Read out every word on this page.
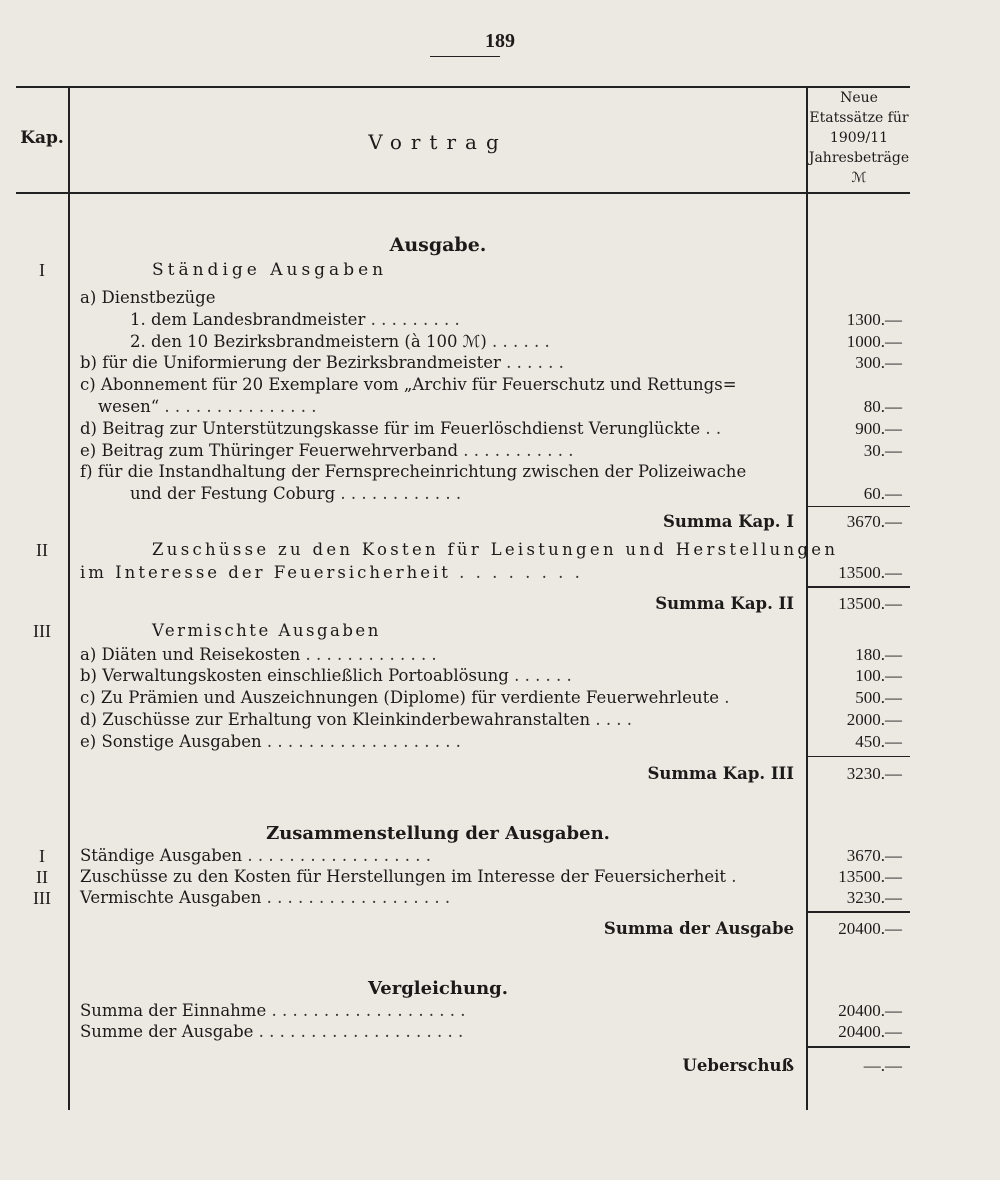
189
Kap.	Vortrag
Neue
Etatssätze für
1909/11
Jahresbeträge
ℳ
Ausgabe.
I	Ständige Ausgaben
a) Dienstbezüge
1. dem Landesbrandmeister . . . . . . . . .	1300.—
2. den 10 Bezirksbrandmeistern (à 100 ℳ) . . . . . .	1000.—
b) für die Uniformierung der Bezirksbrandmeister . . . . . .	300.—
c) Abonnement für 20 Exemplare vom „Archiv für Feuerschutz und Rettungs=
wesen“ . . . . . . . . . . . . . . .	80.—
d) Beitrag zur Unterstützungskasse für im Feuerlöschdienst Verunglückte . .	900.—
e) Beitrag zum Thüringer Feuerwehrverband . . . . . . . . . . .	30.—
f) für die Instandhaltung der Fernsprecheinrichtung zwischen der Polizeiwache
und der Festung Coburg . . . . . . . . . . . .	60.—
Summa Kap. I	3670.—
II	Zuschüsse zu den Kosten für Leistungen und Herstellungen
im Interesse der Feuersicherheit . . . . . . . .	13500.—
Summa Kap. II	13500.—
III	Vermischte Ausgaben
a) Diäten und Reisekosten . . . . . . . . . . . . .	180.—
b) Verwaltungskosten einschließlich Portoablösung . . . . . .	100.—
c) Zu Prämien und Auszeichnungen (Diplome) für verdiente Feuerwehrleute .	500.—
d) Zuschüsse zur Erhaltung von Kleinkinderbewahranstalten . . . .	2000.—
e) Sonstige Ausgaben . . . . . . . . . . . . . . . . . . .	450.—
Summa Kap. III	3230.—
Zusammenstellung der Ausgaben.
I	Ständige Ausgaben . . . . . . . . . . . . . . . . . .	3670.—
II	Zuschüsse zu den Kosten für Herstellungen im Interesse der Feuersicherheit .	13500.—
III	Vermischte Ausgaben . . . . . . . . . . . . . . . . . .	3230.—
Summa der Ausgabe	20400.—
Vergleichung.
Summa der Einnahme . . . . . . . . . . . . . . . . . . .	20400.—
Summe der Ausgabe . . . . . . . . . . . . . . . . . . . .	20400.—
Ueberschuß	—.—
